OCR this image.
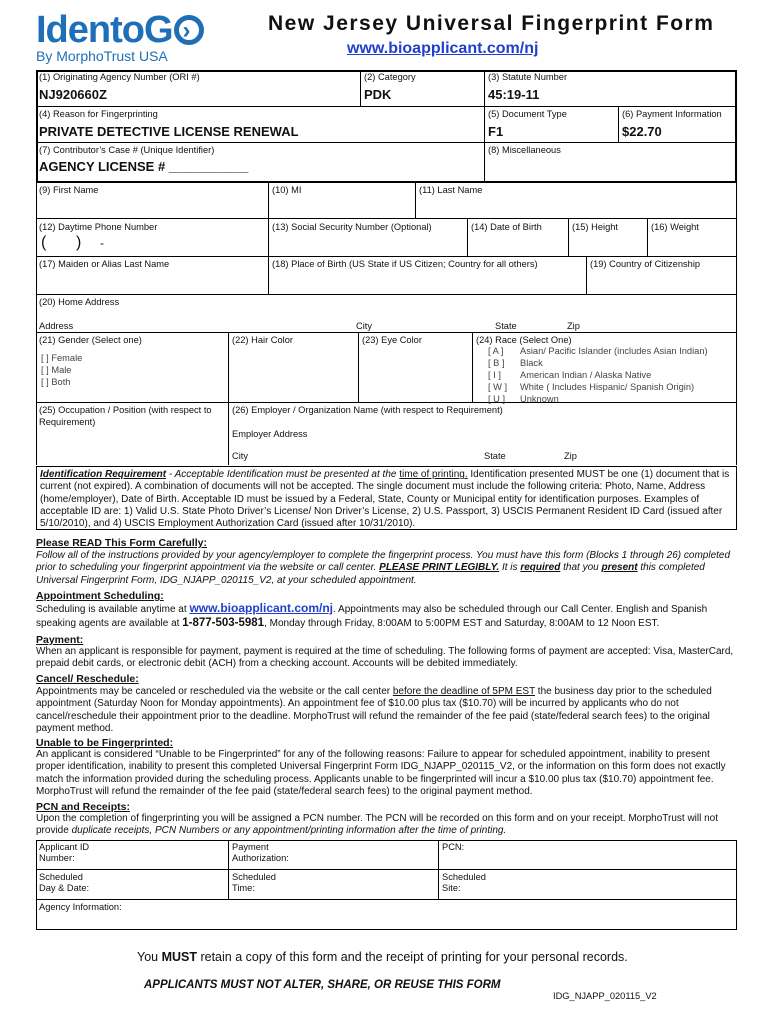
IdentoG›
By MorphoTrust USA
New Jersey Universal Fingerprint Form
www.bioapplicant.com/nj
(1) Originating Agency Number (ORI #)
NJ920660Z
(2) Category
PDK
(3) Statute Number
45:19-11
(4) Reason for Fingerprinting
PRIVATE DETECTIVE LICENSE RENEWAL
(5) Document Type
F1
(6) Payment Information
$22.70
(7) Contributor’s Case # (Unique Identifier)
AGENCY LICENSE # ___________
(8) Miscellaneous
(9) First Name	(10) MI	(11) Last Name
(12) Daytime Phone Number
( ) -
(13) Social Security Number (Optional)	(14) Date of Birth	(15) Height	(16) Weight
(17) Maiden or Alias Last Name	(18) Place of Birth (US State if US Citizen; Country for all others)	(19) Country of Citizenship
(20) Home Address
Address	City	State	Zip
(21) Gender (Select one)
[ ] Female
[ ] Male
[ ] Both
(22) Hair Color	(23) Eye Color	(24) Race (Select One)
[ A ] Asian/ Pacific Islander (includes Asian Indian)
[ B ] Black
[ I ] American Indian / Alaska Native
[ W ] White ( Includes Hispanic/ Spanish Origin)
[ U ] Unknown
(25) Occupation / Position (with respect to Requirement)
(26) Employer / Organization Name (with respect to Requirement)
Employer Address
City	State	Zip
Identification Requirement - Acceptable Identification must be presented at the time of printing. Identification presented MUST be one (1) document that is current (not expired). A combination of documents will not be accepted. The single document must include the following criteria: Photo, Name, Address (home/employer), Date of Birth. Acceptable ID must be issued by a Federal, State, County or Municipal entity for identification purposes. Examples of acceptable ID are: 1) Valid U.S. State Photo Driver’s License/ Non Driver’s License, 2) U.S. Passport, 3) USCIS Permanent Resident ID Card (issued after 5/10/2010), and 4) USCIS Employment Authorization Card (issued after 10/31/2010).
Please READ This Form Carefully:
Follow all of the instructions provided by your agency/employer to complete the fingerprint process. You must have this form (Blocks 1 through 26) completed prior to scheduling your fingerprint appointment via the website or call center. PLEASE PRINT LEGIBLY. It is required that you present this completed Universal Fingerprint Form, IDG_NJAPP_020115_V2, at your scheduled appointment.
Appointment Scheduling:
Scheduling is available anytime at www.bioapplicant.com/nj. Appointments may also be scheduled through our Call Center. English and Spanish speaking agents are available at 1-877-503-5981, Monday through Friday, 8:00AM to 5:00PM EST and Saturday, 8:00AM to 12 Noon EST.
Payment:
When an applicant is responsible for payment, payment is required at the time of scheduling. The following forms of payment are accepted: Visa, MasterCard, prepaid debit cards, or electronic debit (ACH) from a checking account. Accounts will be debited immediately.
Cancel/ Reschedule:
Appointments may be canceled or rescheduled via the website or the call center before the deadline of 5PM EST the business day prior to the scheduled appointment (Saturday Noon for Monday appointments). An appointment fee of $10.00 plus tax ($10.70) will be incurred by applicants who do not cancel/reschedule their appointment prior to the deadline. MorphoTrust will refund the remainder of the fee paid (state/federal search fees) to the original payment method.
Unable to be Fingerprinted:
An applicant is considered “Unable to be Fingerprinted” for any of the following reasons: Failure to appear for scheduled appointment, inability to present proper identification, inability to present this completed Universal Fingerprint Form IDG_NJAPP_020115_V2, or the information on this form does not exactly match the information provided during the scheduling process. Applicants unable to be fingerprinted will incur a $10.00 plus tax ($10.70) appointment fee. MorphoTrust will refund the remainder of the fee paid (state/federal search fees) to the original payment method.
PCN and Receipts:
Upon the completion of fingerprinting you will be assigned a PCN number. The PCN will be recorded on this form and on your receipt. MorphoTrust will not provide duplicate receipts, PCN Numbers or any appointment/printing information after the time of printing.
Applicant ID
Number:
Payment
Authorization:
PCN:
Scheduled
Day & Date:
Scheduled
Time:
Scheduled
Site:
Agency Information:
You MUST retain a copy of this form and the receipt of printing for your personal records.
APPLICANTS MUST NOT ALTER, SHARE, OR REUSE THIS FORM
IDG_NJAPP_020115_V2
